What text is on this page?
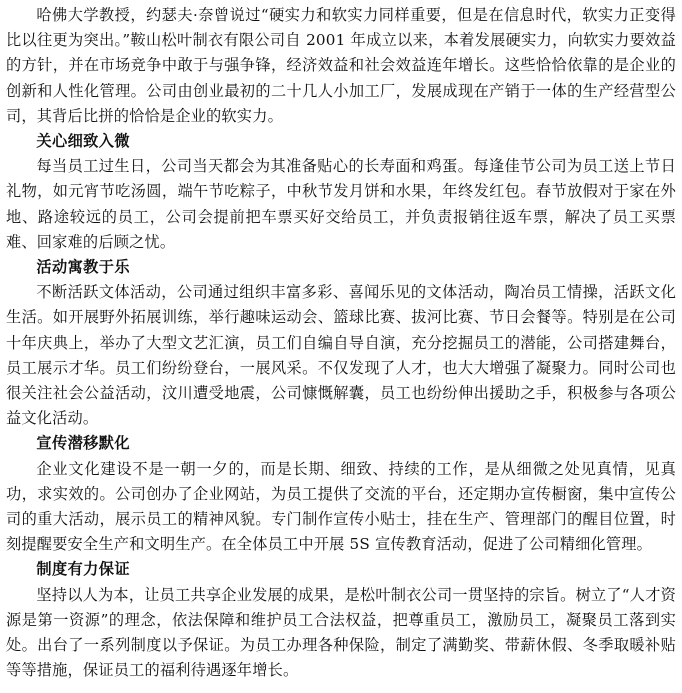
哈佛大学教授，约瑟夫·奈曾说过“硬实力和软实力同样重要，但是在信息时代，软实力正变得比以往更为突出。”鞍山松叶制衣有限公司自 2001 年成立以来，本着发展硬实力，向软实力要效益的方针，并在市场竞争中敢于与强争锋，经济效益和社会效益连年增长。这些恰恰依靠的是企业的创新和人性化管理。公司由创业最初的二十几人小加工厂，发展成现在产销于一体的生产经营型公司，其背后比拼的恰恰是企业的软实力。

关心细致入微

每当员工过生日，公司当天都会为其准备贴心的长寿面和鸡蛋。每逢佳节公司为员工送上节日礼物，如元宵节吃汤圆，端午节吃粽子，中秋节发月饼和水果，年终发红包。春节放假对于家在外地、路途较远的员工，公司会提前把车票买好交给员工，并负责报销往返车票，解决了员工买票难、回家难的后顾之忧。

活动寓教于乐

不断活跃文体活动，公司通过组织丰富多彩、喜闻乐见的文体活动，陶冶员工情操，活跃文化生活。如开展野外拓展训练，举行趣味运动会、篮球比赛、拔河比赛、节日会餐等。特别是在公司十年庆典上，举办了大型文艺汇演，员工们自编自导自演，充分挖掘员工的潜能，公司搭建舞台，员工展示才华。员工们纷纷登台，一展风采。不仅发现了人才，也大大增强了凝聚力。同时公司也很关注社会公益活动，汶川遭受地震，公司慷慨解囊，员工也纷纷伸出援助之手，积极参与各项公益文化活动。

宣传潜移默化

企业文化建设不是一朝一夕的，而是长期、细致、持续的工作，是从细微之处见真情，见真功，求实效的。公司创办了企业网站，为员工提供了交流的平台，还定期办宣传橱窗，集中宣传公司的重大活动，展示员工的精神风貌。专门制作宣传小贴士，挂在生产、管理部门的醒目位置，时刻提醒要安全生产和文明生产。在全体员工中开展 5S 宣传教育活动，促进了公司精细化管理。

制度有力保证

坚持以人为本，让员工共享企业发展的成果，是松叶制衣公司一贯坚持的宗旨。树立了“人才资源是第一资源”的理念，依法保障和维护员工合法权益，把尊重员工，激励员工，凝聚员工落到实处。出台了一系列制度以予保证。为员工办理各种保险，制定了满勤奖、带薪休假、冬季取暖补贴等等措施，保证员工的福利待遇逐年增长。
